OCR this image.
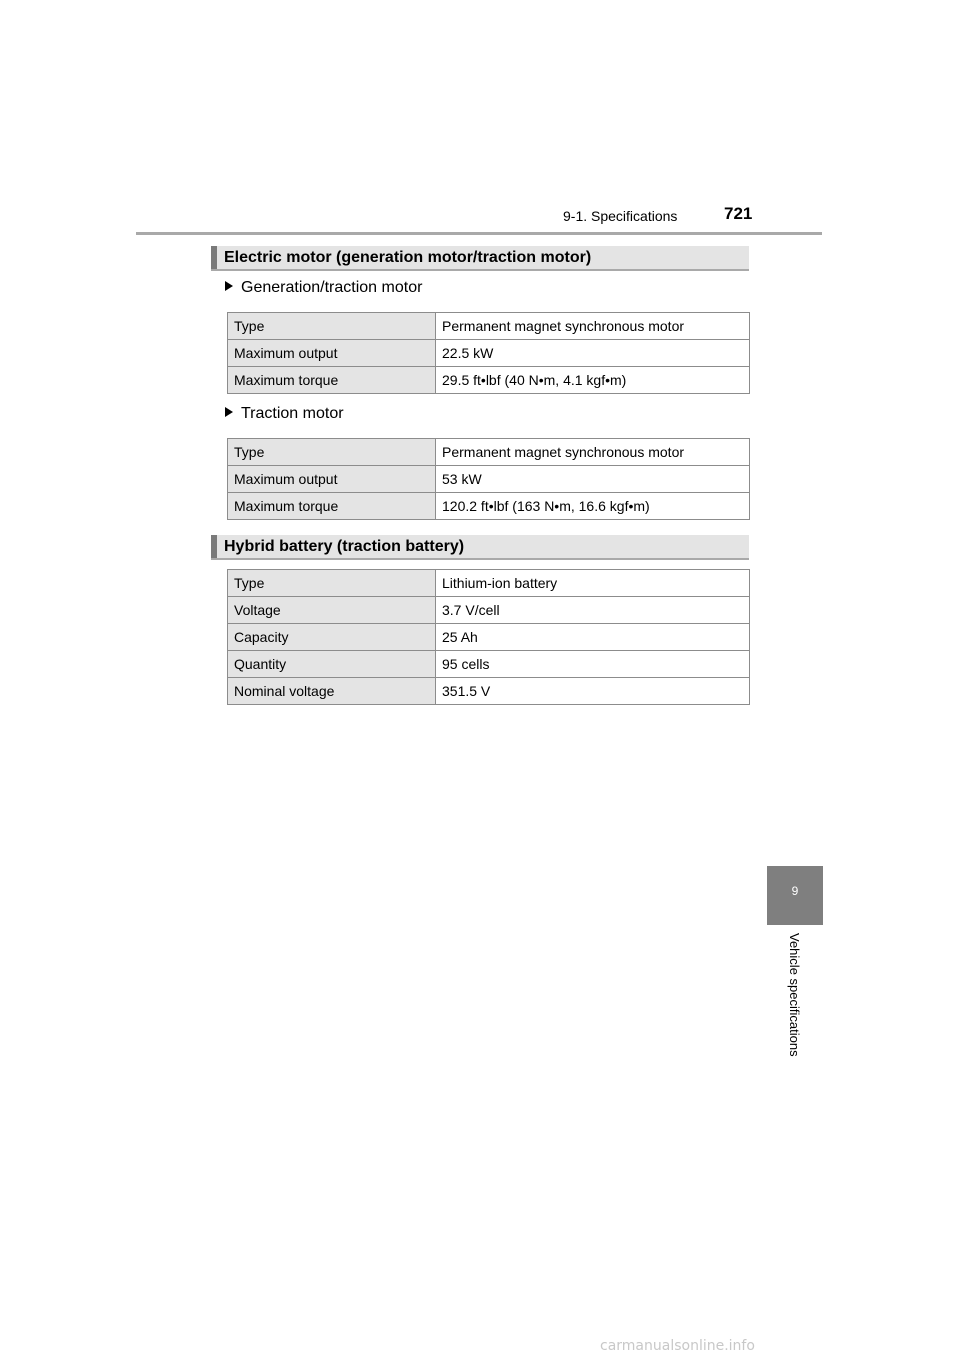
9-1. Specifications	721
Electric motor (generation motor/traction motor)
Generation/traction motor
Type	Permanent magnet synchronous motor
Maximum output	22.5 kW
Maximum torque	29.5 ft•lbf (40 N•m, 4.1 kgf•m)
Traction motor
Type	Permanent magnet synchronous motor
Maximum output	53 kW
Maximum torque	120.2 ft•lbf (163 N•m, 16.6 kgf•m)
Hybrid battery (traction battery)
Type	Lithium-ion battery
Voltage	3.7 V/cell
Capacity	25 Ah
Quantity	95 cells
Nominal voltage	351.5 V
9
Vehicle specifications
carmanualsonline.info
